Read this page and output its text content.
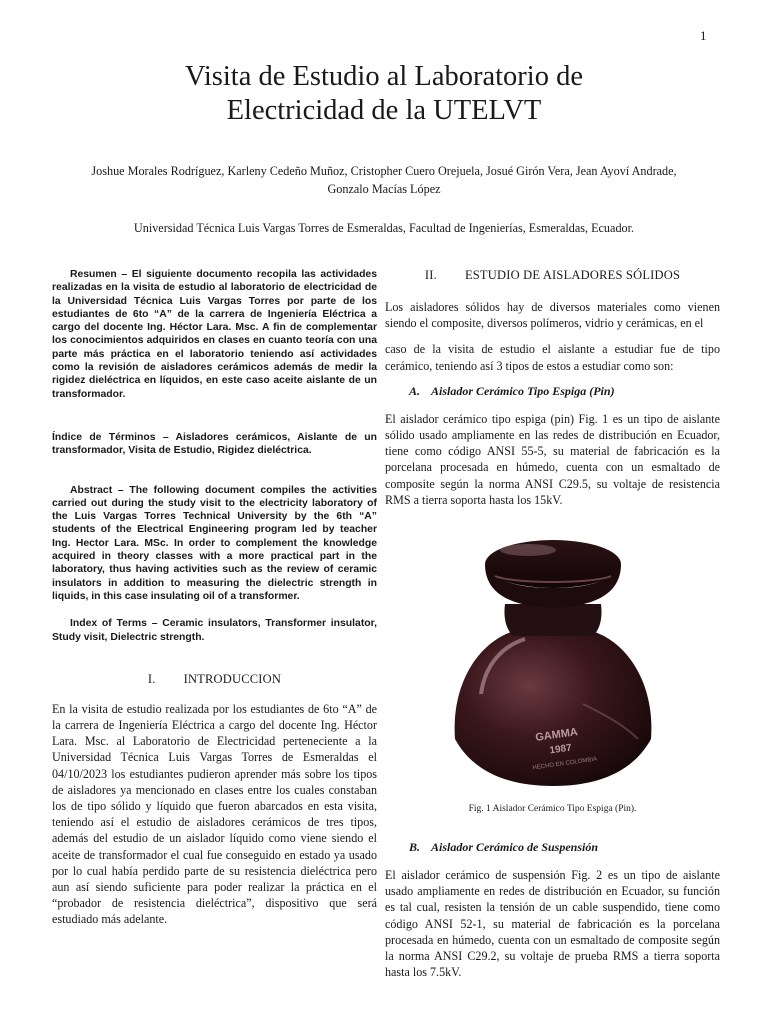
1
Visita de Estudio al Laboratorio de
Electricidad de la UTELVT
Joshue Morales Rodríguez, Karleny Cedeño Muñoz, Cristopher Cuero Orejuela, Josué Girón Vera, Jean Ayoví Andrade,
Gonzalo Macías López
Universidad Técnica Luis Vargas Torres de Esmeraldas, Facultad de Ingenierías, Esmeraldas, Ecuador.

Resumen – El siguiente documento recopila las actividades realizadas en la visita de estudio al laboratorio de electricidad de la Universidad Técnica Luis Vargas Torres por parte de los estudiantes de 6to “A” de la carrera de Ingeniería Eléctrica a cargo del docente Ing. Héctor Lara. Msc. A fin de complementar los conocimientos adquiridos en clases en cuanto teoría con una parte más práctica en el laboratorio teniendo así actividades como la revisión de aisladores cerámicos además de medir la rigidez dieléctrica en líquidos, en este caso aceite aislante de un transformador.

Índice de Términos – Aisladores cerámicos, Aislante de un transformador, Visita de Estudio, Rigidez dieléctrica.

Abstract – The following document compiles the activities carried out during the study visit to the electricity laboratory of the Luis Vargas Torres Technical University by the 6th “A” students of the Electrical Engineering program led by teacher Ing. Hector Lara. MSc. In order to complement the knowledge acquired in theory classes with a more practical part in the laboratory, thus having activities such as the review of ceramic insulators in addition to measuring the dielectric strength in liquids, in this case insulating oil of a transformer.

Index of Terms – Ceramic insulators, Transformer insulator, Study visit, Dielectric strength.

I. INTRODUCCION

En la visita de estudio realizada por los estudiantes de 6to “A” de la carrera de Ingeniería Eléctrica a cargo del docente Ing. Héctor Lara. Msc. al Laboratorio de Electricidad perteneciente a la Universidad Técnica Luis Vargas Torres de Esmeraldas el 04/10/2023 los estudiantes pudieron aprender más sobre los tipos de aisladores ya mencionado en clases entre los cuales constaban los de tipo sólido y líquido que fueron abarcados en esta visita, teniendo así el estudio de aisladores cerámicos de tres tipos, además del estudio de un aislador líquido como viene siendo el aceite de transformador el cual fue conseguido en estado ya usado por lo cual había perdido parte de su resistencia dieléctrica pero aun así siendo suficiente para poder realizar la práctica en el “probador de resistencia dieléctrica”, dispositivo que será estudiado más adelante.

II. ESTUDIO DE AISLADORES SÓLIDOS

Los aisladores sólidos hay de diversos materiales como vienen siendo el composite, diversos polímeros, vidrio y cerámicas, en el

caso de la visita de estudio el aislante a estudiar fue de tipo cerámico, teniendo así 3 tipos de estos a estudiar como son:

A. Aislador Cerámico Tipo Espiga (Pin)

El aislador cerámico tipo espiga (pin) Fig. 1 es un tipo de aislante sólido usado ampliamente en las redes de distribución en Ecuador, tiene como código ANSI 55-5, su material de fabricación es la porcelana procesada en húmedo, cuenta con un esmaltado de composite según la norma ANSI C29.5, su voltaje de resistencia RMS a tierra soporta hasta los 15kV.

GAMMA
1987
HECHO EN COLOMBIA

Fig. 1 Aislador Cerámico Tipo Espiga (Pin).

B. Aislador Cerámico de Suspensión

El aislador cerámico de suspensión Fig. 2 es un tipo de aislante usado ampliamente en redes de distribución en Ecuador, su función es tal cual, resisten la tensión de un cable suspendido, tiene como código ANSI 52-1, su material de fabricación es la porcelana procesada en húmedo, cuenta con un esmaltado de composite según la norma ANSI C29.2, su voltaje de prueba RMS a tierra soporta hasta los 7.5kV.
